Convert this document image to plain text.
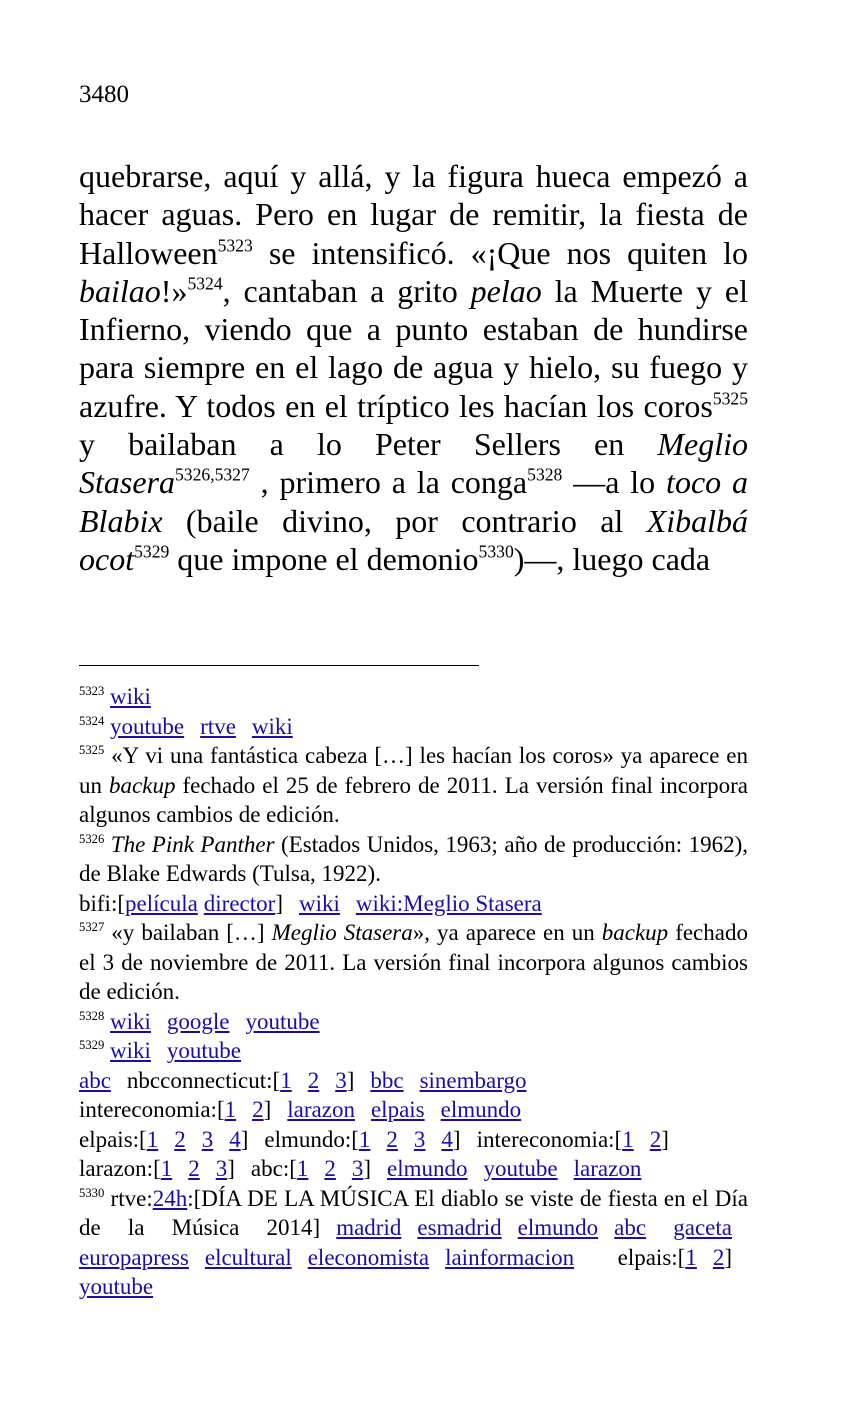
3480
quebrarse, aquí y allá, y la figura hueca empezó a hacer aguas. Pero en lugar de remitir, la fiesta de Halloween$^{5323}$ se intensificó. «¡Que nos quiten lo bailao!»$^{5324}$, cantaban a grito pelao la Muerte y el Infierno, viendo que a punto estaban de hundirse para siempre en el lago de agua y hielo, su fuego y azufre. Y todos en el tríptico les hacían los coros$^{5325}$ y bailaban a lo Peter Sellers en Meglio Stasera$^{5326,5327}$ , primero a la conga$^{5328}$ —a lo toco a Blabix (baile divino, por contrario al Xibalbá ocot$^{5329}$ que impone el demonio$^{5330}$)—, luego cada

$^{5323}$ wiki

$^{5324}$ youtube rtve wiki

$^{5325}$ «Y vi una fantástica cabeza […] les hacían los coros» ya aparece en un backup fechado el 25 de febrero de 2011. La versión final incorpora algunos cambios de edición.

$^{5326}$ The Pink Panther (Estados Unidos, 1963; año de producción: 1962), de Blake Edwards (Tulsa, 1922).

bifi:[película director] wiki wiki:Meglio Stasera

$^{5327}$ «y bailaban […] Meglio Stasera», ya aparece en un backup fechado el 3 de noviembre de 2011. La versión final incorpora algunos cambios de edición.

$^{5328}$ wiki google youtube

$^{5329}$ wiki youtube

abc nbcconnecticut:[1 2 3] bbc sinembargo

intereconomia:[1 2] larazon elpais elmundo

elpais:[1 2 3 4] elmundo:[1 2 3 4] intereconomia:[1 2]

larazon:[1 2 3] abc:[1 2 3] elmundo youtube larazon

$^{5330}$ rtve:24h:[DÍA DE LA MÚSICA El diablo se viste de fiesta en el Día de la Música 2014] madrid esmadrid elmundo abc gacetaeuropapress elcultural eleconomista lainformacion elpais:[1 2]youtube
